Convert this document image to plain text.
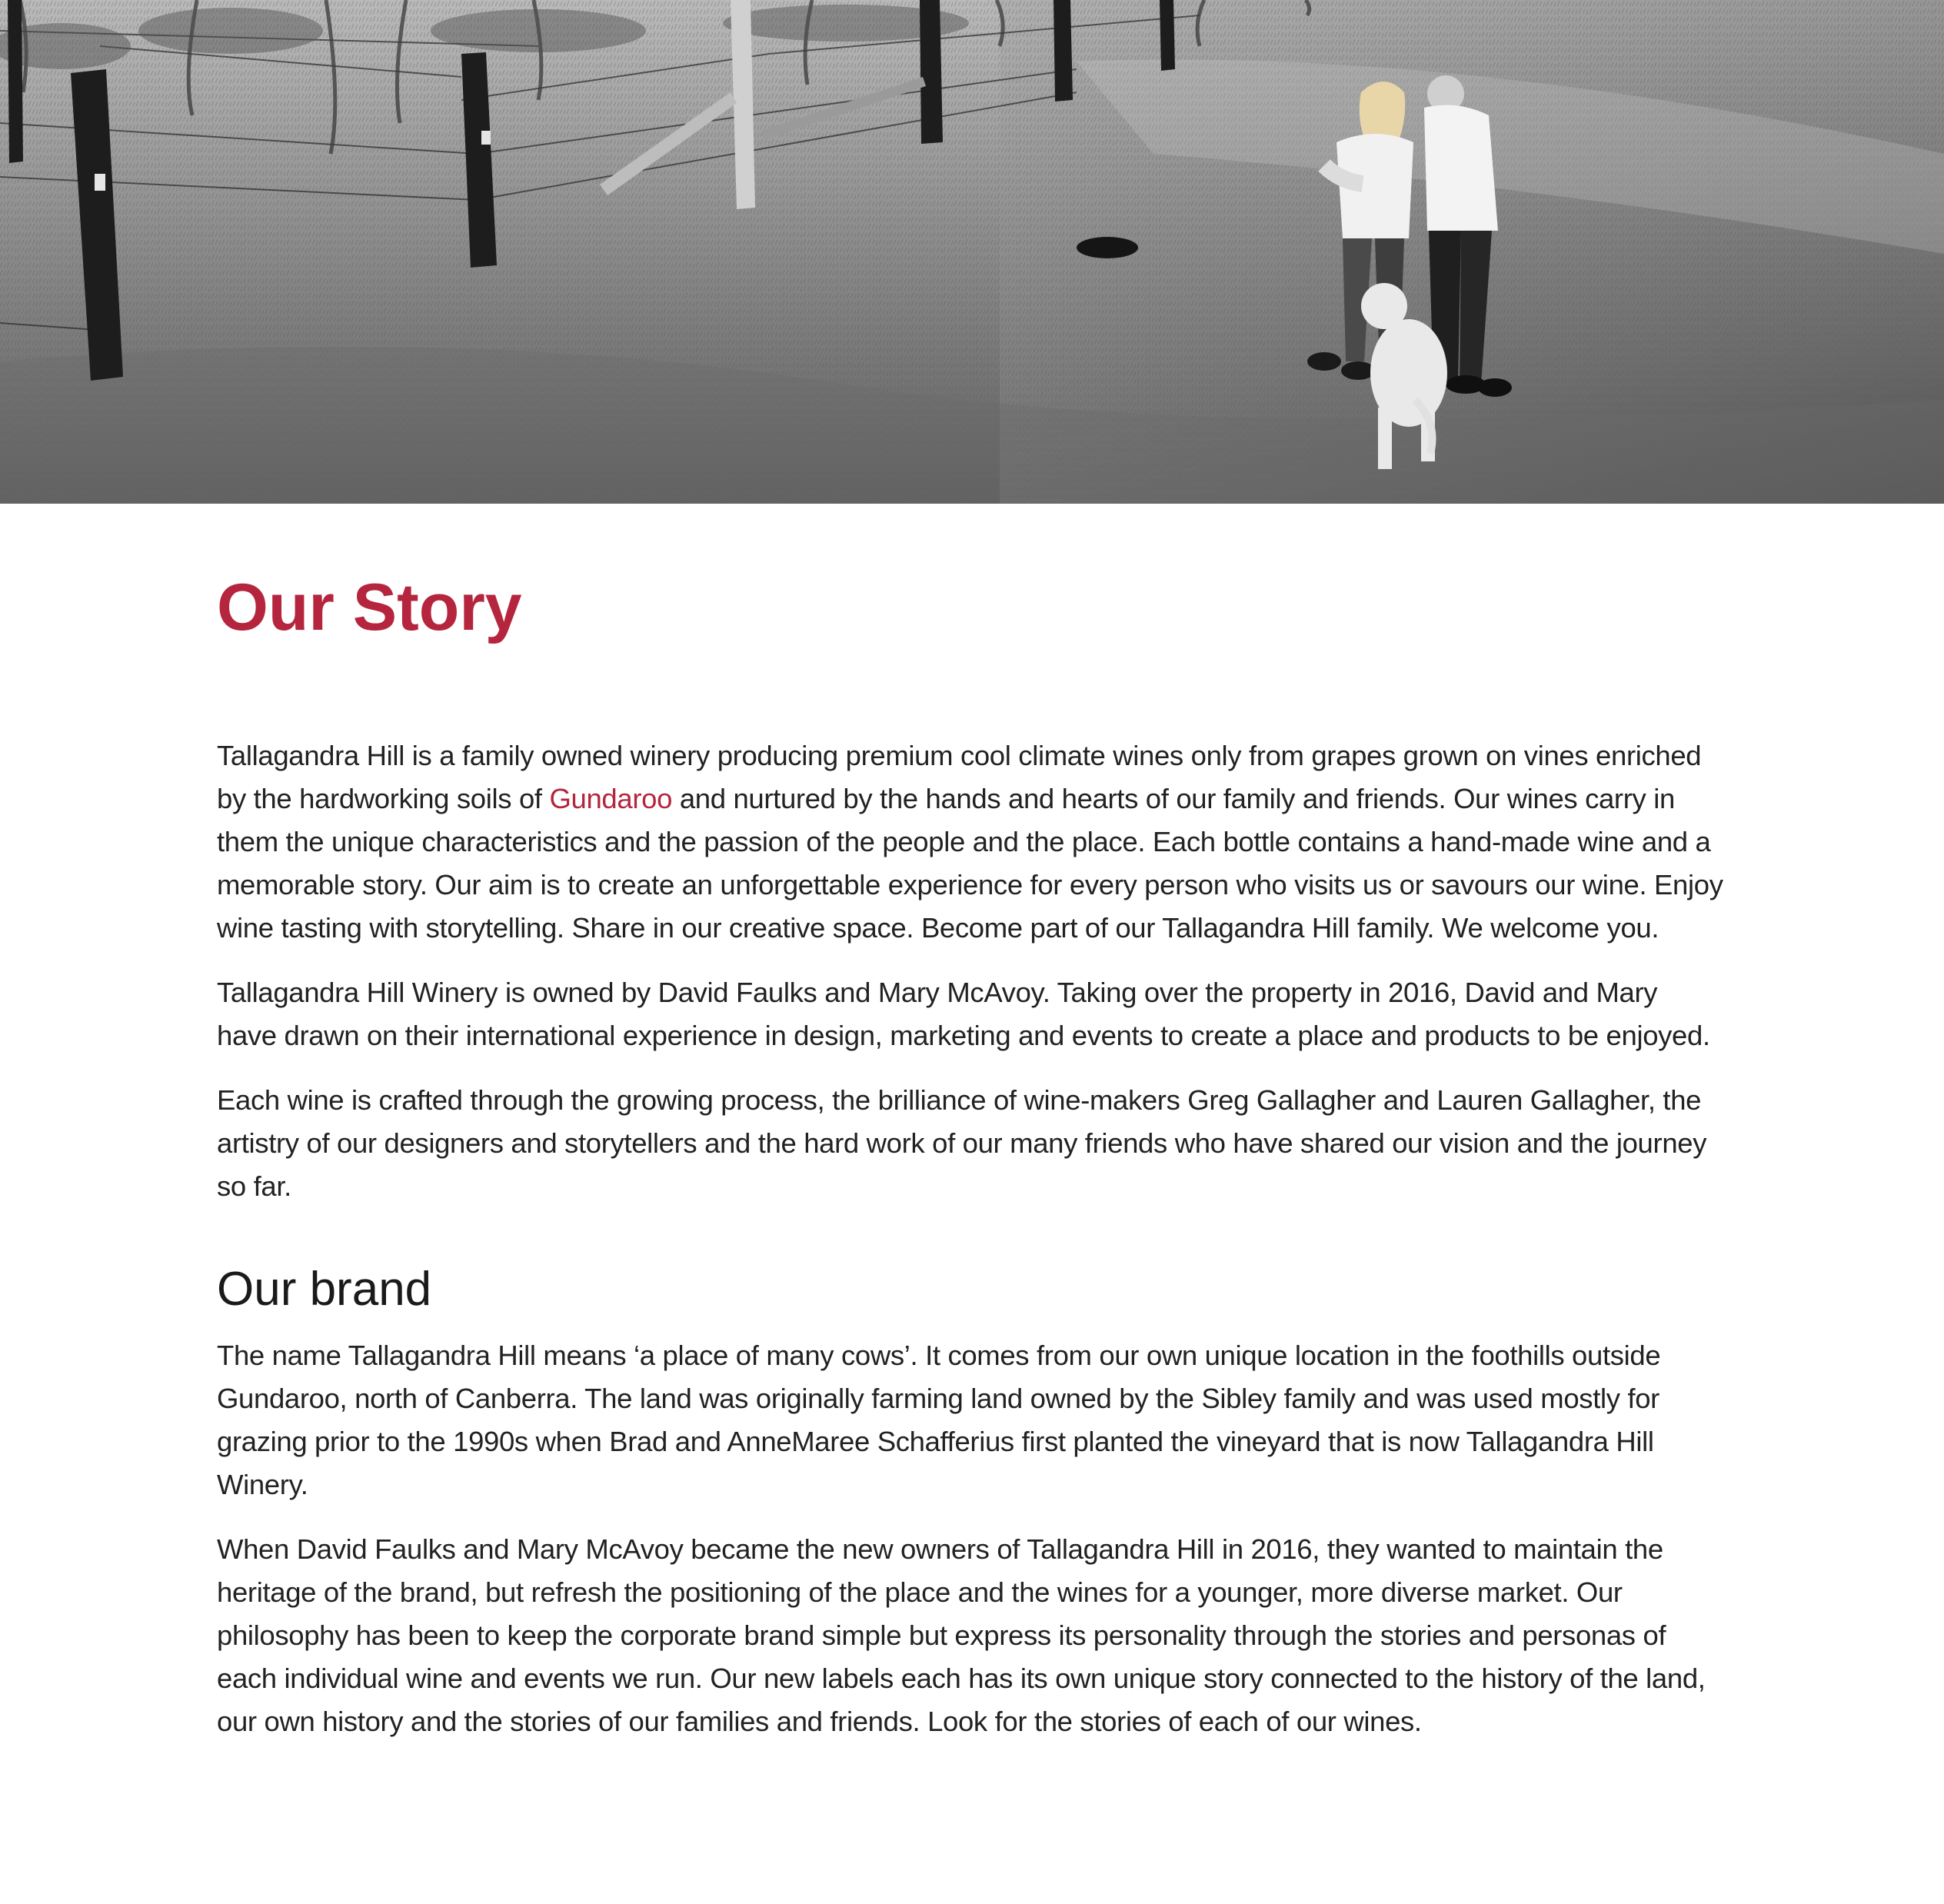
Our Story

Tallagandra Hill is a family owned winery producing premium cool climate wines only from grapes grown on vines enriched by the hardworking soils of Gundaroo and nurtured by the hands and hearts of our family and friends. Our wines carry in them the unique characteristics and the passion of the people and the place. Each bottle contains a hand-made wine and a memorable story. Our aim is to create an unforgettable experience for every person who visits us or savours our wine. Enjoy wine tasting with storytelling. Share in our creative space. Become part of our Tallagandra Hill family. We welcome you.

Tallagandra Hill Winery is owned by David Faulks and Mary McAvoy. Taking over the property in 2016, David and Mary have drawn on their international experience in design, marketing and events to create a place and products to be enjoyed.

Each wine is crafted through the growing process, the brilliance of wine-makers Greg Gallagher and Lauren Gallagher, the artistry of our designers and storytellers and the hard work of our many friends who have shared our vision and the journey so far.

Our brand

The name Tallagandra Hill means ‘a place of many cows’. It comes from our own unique location in the foothills outside Gundaroo, north of Canberra. The land was originally farming land owned by the Sibley family and was used mostly for grazing prior to the 1990s when Brad and AnneMaree Schafferius first planted the vineyard that is now Tallagandra Hill Winery.

When David Faulks and Mary McAvoy became the new owners of Tallagandra Hill in 2016, they wanted to maintain the heritage of the brand, but refresh the positioning of the place and the wines for a younger, more diverse market. Our philosophy has been to keep the corporate brand simple but express its personality through the stories and personas of each individual wine and events we run. Our new labels each has its own unique story connected to the history of the land, our own history and the stories of our families and friends. Look for the stories of each of our wines.
